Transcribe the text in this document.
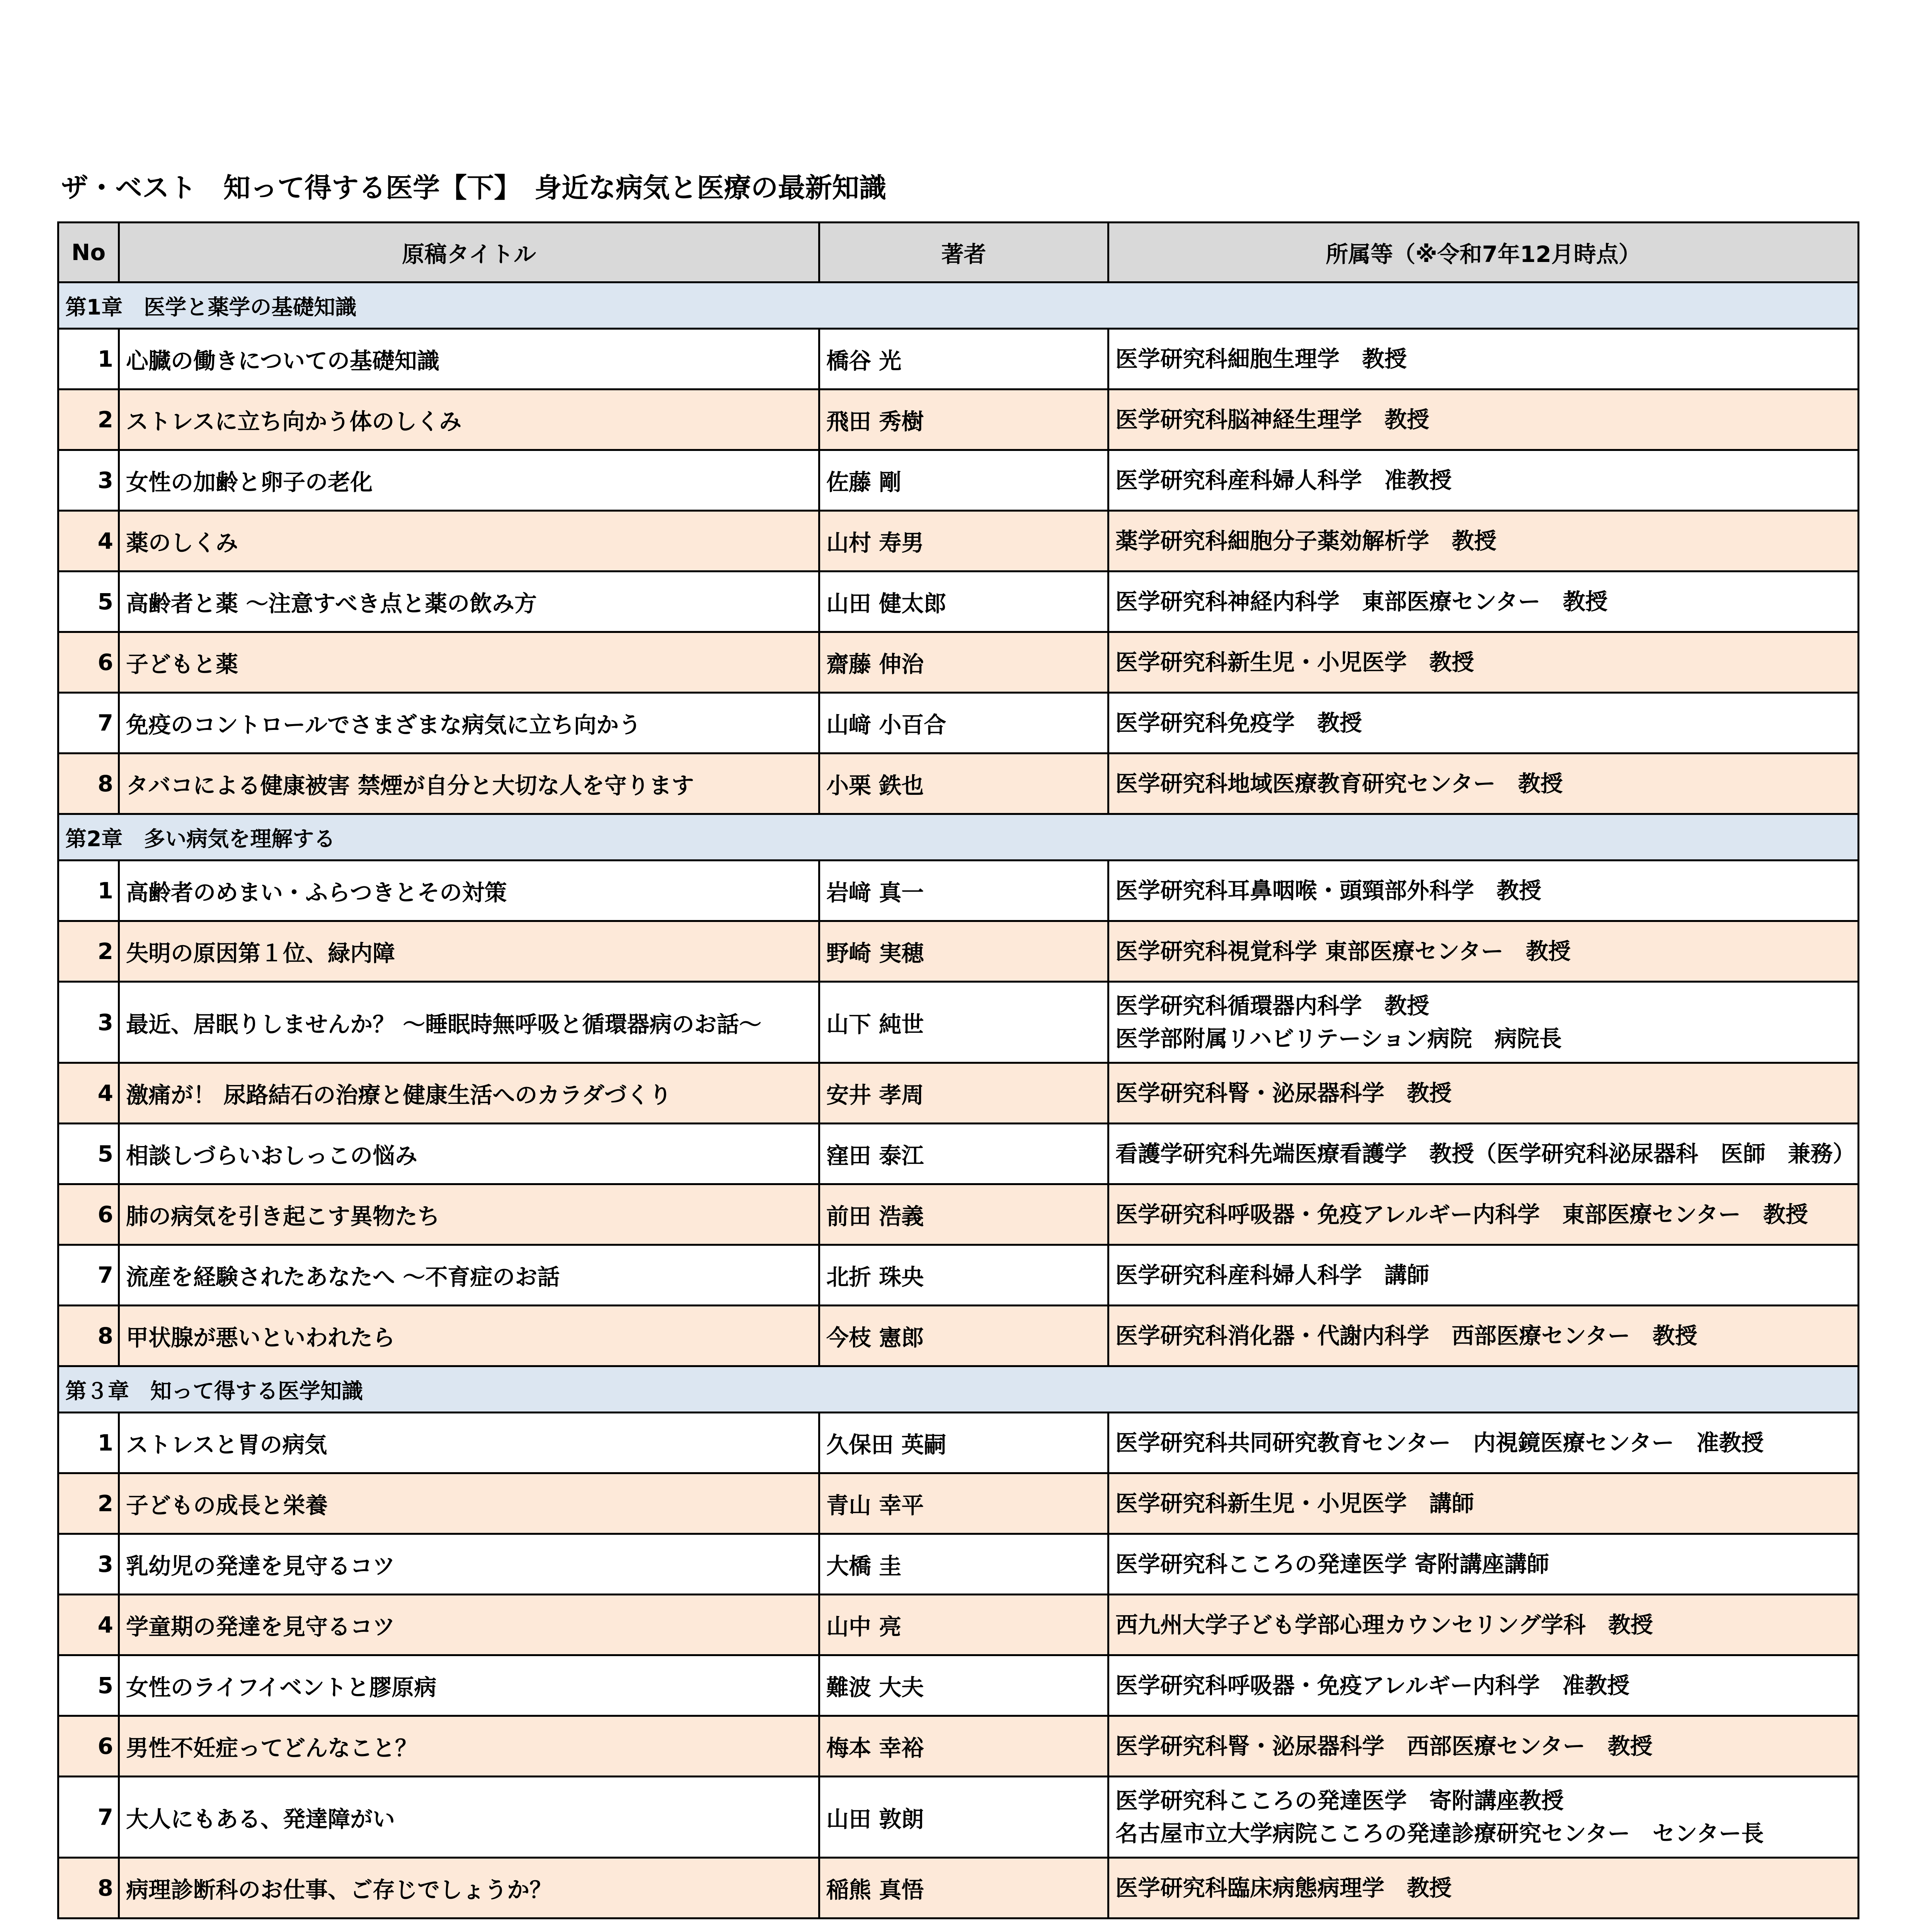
ザ・ベスト　知って得する医学【下】　身近な病気と医療の最新知識
No	原稿タイトル	著者	所属等（※令和7年12月時点）
第1章　医学と薬学の基礎知識			
1	心臓の働きについての基礎知識	橋谷 光	医学研究科細胞生理学　教授

2	ストレスに立ち向かう体のしくみ	飛田 秀樹	医学研究科脳神経生理学　教授

3	女性の加齢と卵子の老化	佐藤 剛	医学研究科産科婦人科学　准教授

4	薬のしくみ	山村 寿男	薬学研究科細胞分子薬効解析学　教授

5	高齢者と薬 ～注意すべき点と薬の飲み方	山田 健太郎	医学研究科神経内科学　東部医療センター　教授

6	子どもと薬	齋藤 伸治	医学研究科新生児・小児医学　教授

7	免疫のコントロールでさまざまな病気に立ち向かう	山﨑 小百合	医学研究科免疫学　教授

8	タバコによる健康被害 禁煙が自分と大切な人を守ります	小栗 鉄也	医学研究科地域医療教育研究センター　教授

第2章　多い病気を理解する			
1	高齢者のめまい・ふらつきとその対策	岩﨑 真一	医学研究科耳鼻咽喉・頭頸部外科学　教授

2	失明の原因第１位、緑内障	野崎 実穂	医学研究科視覚科学 東部医療センター　教授

3	最近、居眠りしませんか？ ～睡眠時無呼吸と循環器病のお話～	山下 純世	医学研究科循環器内科学　教授
医学部附属リハビリテーション病院　病院長

4	激痛が！ 尿路結石の治療と健康生活へのカラダづくり	安井 孝周	医学研究科腎・泌尿器科学　教授

5	相談しづらいおしっこの悩み	窪田 泰江	看護学研究科先端医療看護学　教授（医学研究科泌尿器科　医師　兼務）

6	肺の病気を引き起こす異物たち	前田 浩義	医学研究科呼吸器・免疫アレルギー内科学　東部医療センター　教授

7	流産を経験されたあなたへ ～不育症のお話	北折 珠央	医学研究科産科婦人科学　講師

8	甲状腺が悪いといわれたら	今枝 憲郎	医学研究科消化器・代謝内科学　西部医療センター　教授

第３章　知って得する医学知識			
1	ストレスと胃の病気	久保田 英嗣	医学研究科共同研究教育センター　内視鏡医療センター　准教授

2	子どもの成長と栄養	青山 幸平	医学研究科新生児・小児医学　講師

3	乳幼児の発達を見守るコツ	大橋 圭	医学研究科こころの発達医学 寄附講座講師

4	学童期の発達を見守るコツ	山中 亮	西九州大学子ども学部心理カウンセリング学科　教授

5	女性のライフイベントと膠原病	難波 大夫	医学研究科呼吸器・免疫アレルギー内科学　准教授

6	男性不妊症ってどんなこと？	梅本 幸裕	医学研究科腎・泌尿器科学　西部医療センター　教授

7	大人にもある、発達障がい	山田 敦朗	医学研究科こころの発達医学　寄附講座教授
名古屋市立大学病院こころの発達診療研究センター　センター長

8	病理診断科のお仕事、ご存じでしょうか？	稲熊 真悟	医学研究科臨床病態病理学　教授
